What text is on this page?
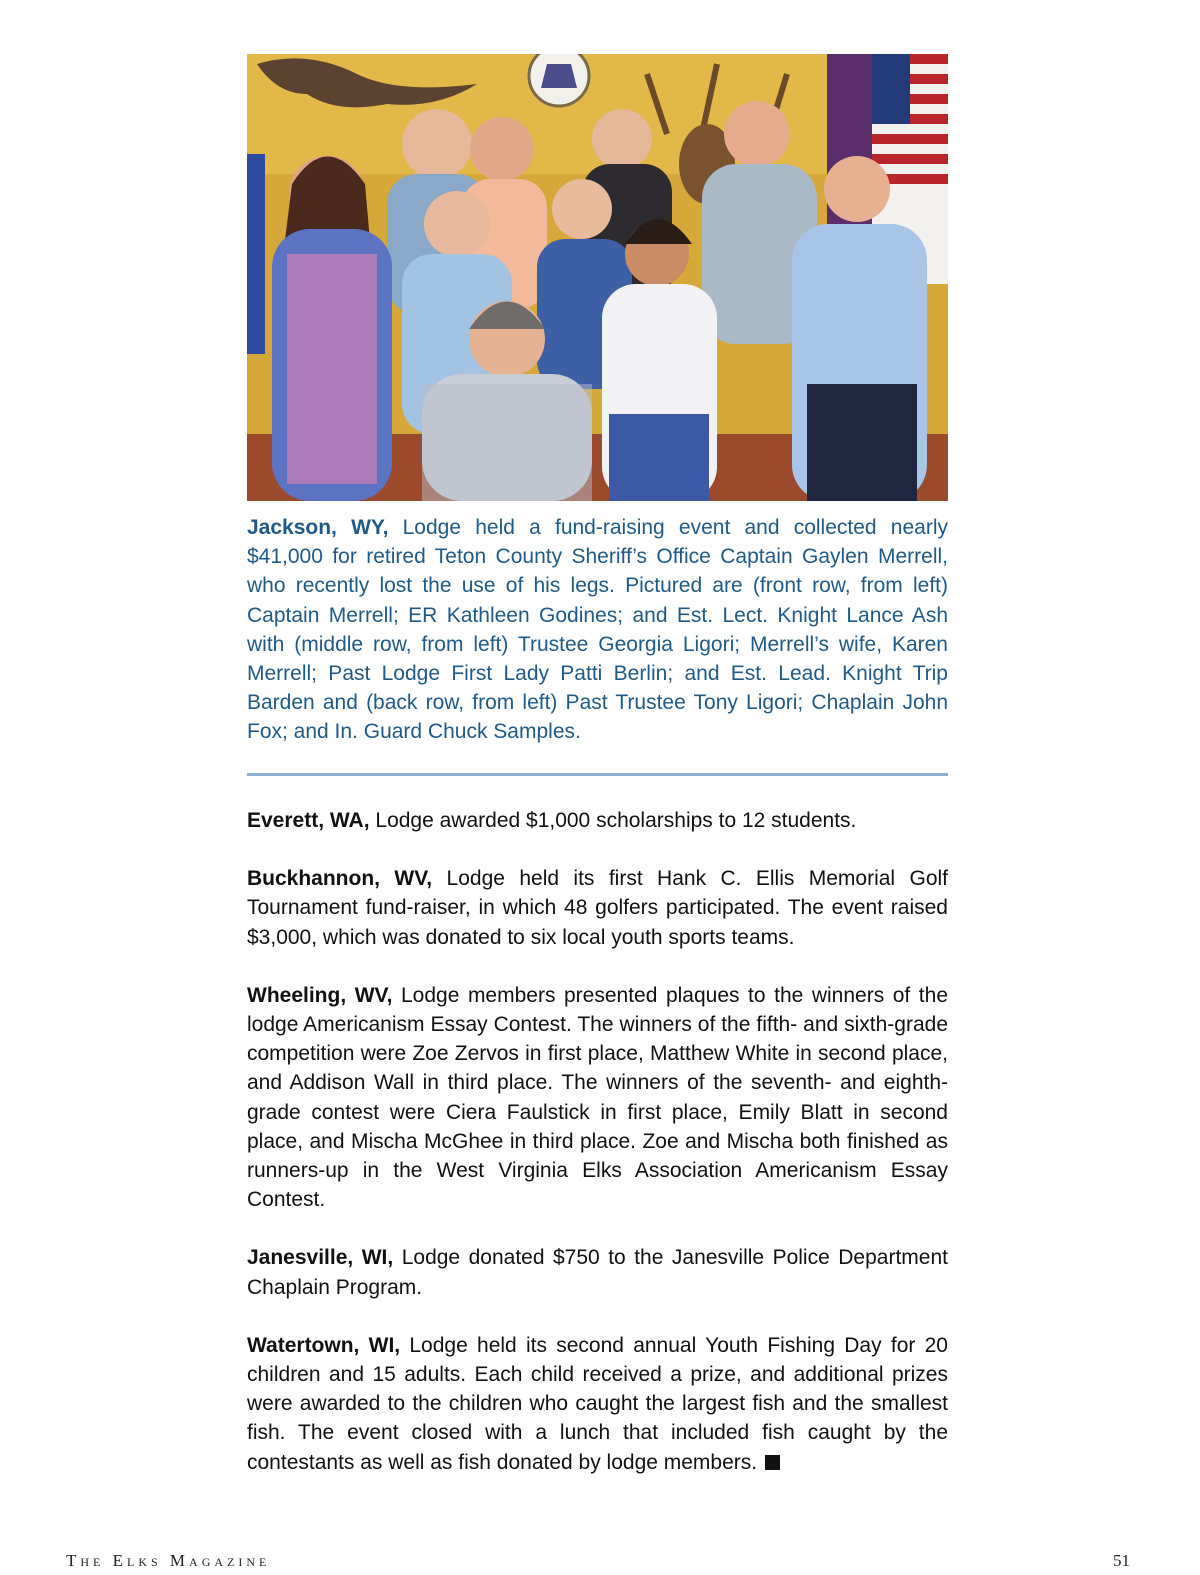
Jackson, WY, Lodge held a fund-raising event and collected nearly $41,000 for retired Teton County Sheriff’s Office Captain Gaylen Merrell, who recently lost the use of his legs. Pictured are (front row, from left) Captain Merrell; ER Kathleen Godines; and Est. Lect. Knight Lance Ash with (middle row, from left) Trustee Georgia Ligori; Merrell’s wife, Karen Merrell; Past Lodge First Lady Patti Berlin; and Est. Lead. Knight Trip Barden and (back row, from left) Past Trustee Tony Ligori; Chaplain John Fox; and In. Guard Chuck Samples.

Everett, WA, Lodge awarded $1,000 scholarships to 12 students.

Buckhannon, WV, Lodge held its first Hank C. Ellis Memorial Golf Tournament fund-raiser, in which 48 golfers participated. The event raised $3,000, which was donated to six local youth sports teams.

Wheeling, WV, Lodge members presented plaques to the winners of the lodge Americanism Essay Contest. The winners of the fifth- and sixth-grade competition were Zoe Zervos in first place, Matthew White in second place, and Addison Wall in third place. The winners of the seventh- and eighth-grade contest were Ciera Faulstick in first place, Emily Blatt in second place, and Mischa McGhee in third place. Zoe and Mischa both finished as runners-up in the West Virginia Elks Association Americanism Essay Contest.

Janesville, WI, Lodge donated $750 to the Janesville Police Department Chaplain Program.

Watertown, WI, Lodge held its second annual Youth Fishing Day for 20 children and 15 adults. Each child received a prize, and additional prizes were awarded to the children who caught the largest fish and the smallest fish. The event closed with a lunch that included fish caught by the contestants as well as fish donated by lodge members.

The Elks Magazine	51
